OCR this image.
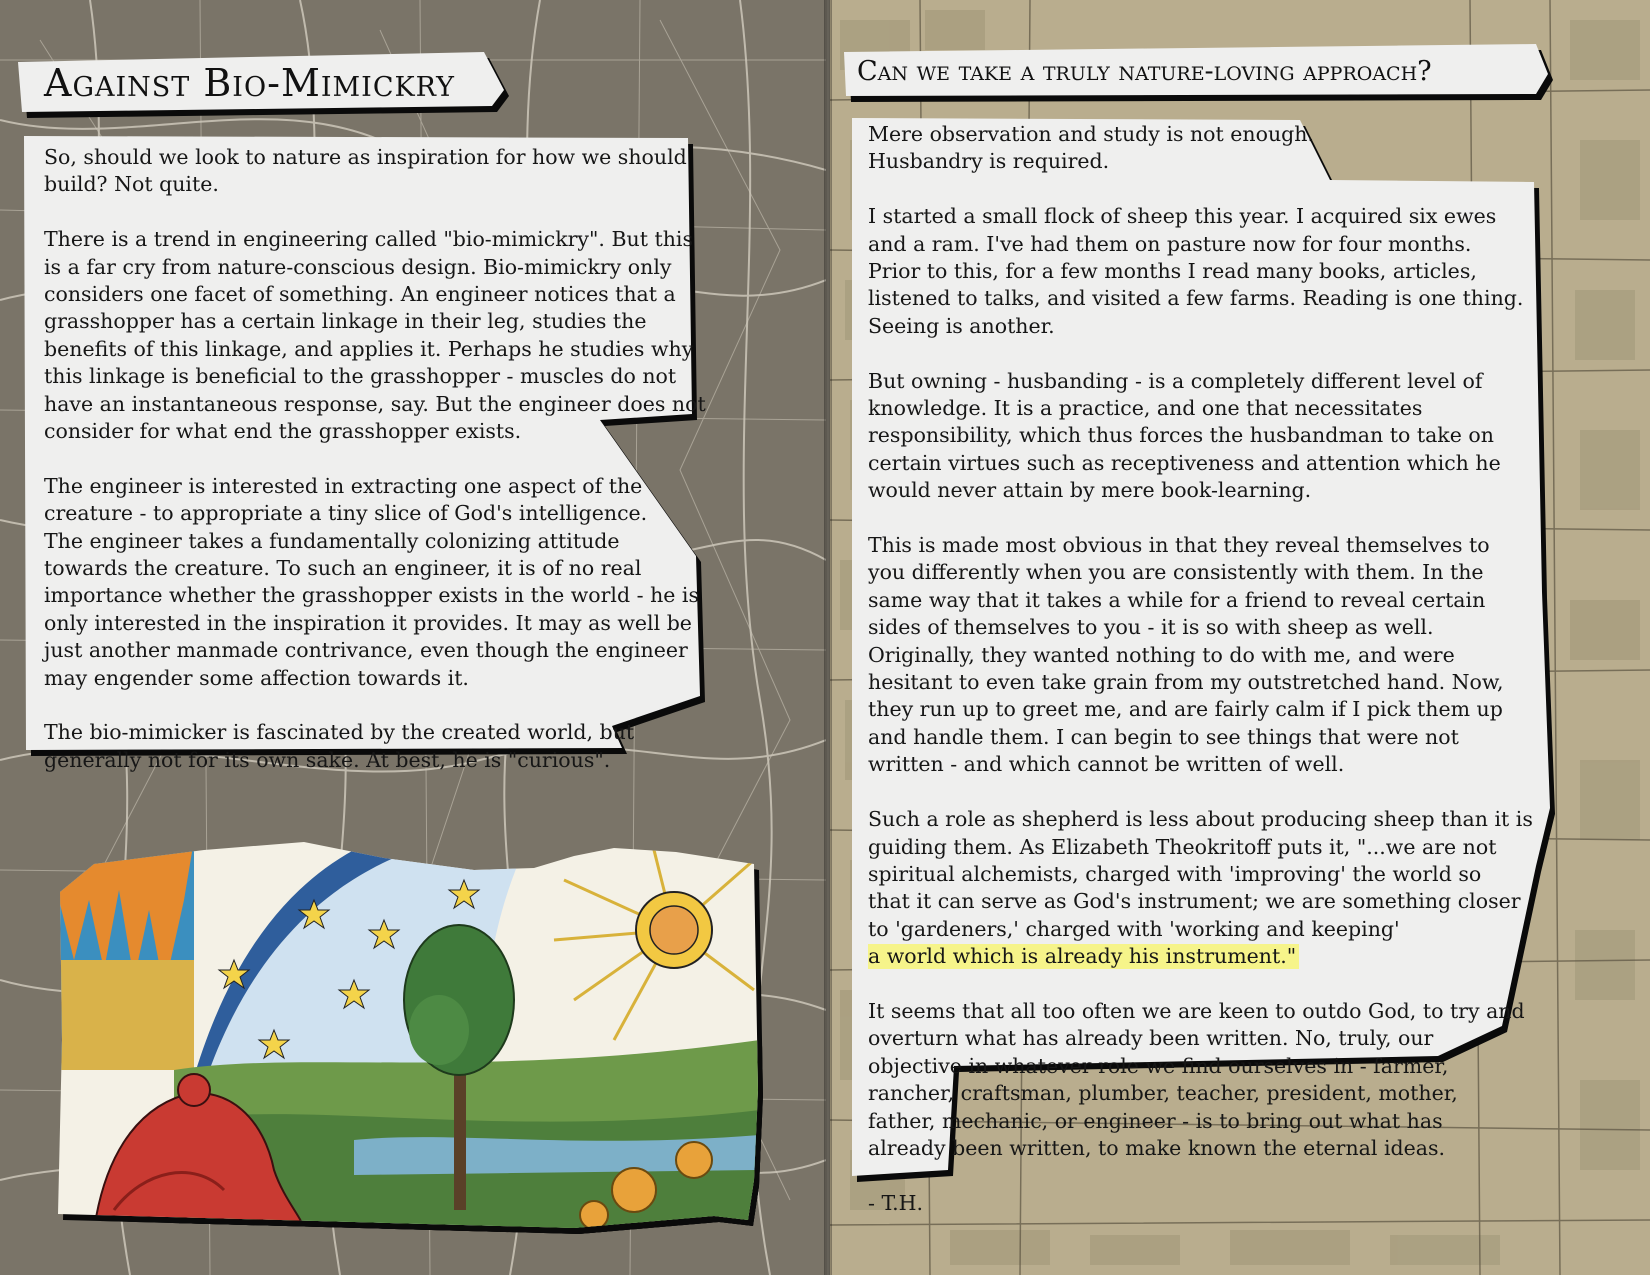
Against Bio-Mimickry

So, should we look to nature as inspiration for how we should
build? Not quite.

There is a trend in engineering called "bio-mimickry". But this
is a far cry from nature-conscious design. Bio-mimickry only
considers one facet of something. An engineer notices that a
grasshopper has a certain linkage in their leg, studies the
benefits of this linkage, and applies it. Perhaps he studies why
this linkage is beneficial to the grasshopper - muscles do not
have an instantaneous response, say. But the engineer does not
consider for what end the grasshopper exists.

The engineer is interested in extracting one aspect of the
creature - to appropriate a tiny slice of God's intelligence.
The engineer takes a fundamentally colonizing attitude
towards the creature. To such an engineer, it is of no real
importance whether the grasshopper exists in the world - he is
only interested in the inspiration it provides. It may as well be
just another manmade contrivance, even though the engineer
may engender some affection towards it.

The bio-mimicker is fascinated by the created world, but
generally not for its own sake. At best, he is "curious".

Can we take a truly nature-loving approach?

Mere observation and study is not enough.
Husbandry is required.

I started a small flock of sheep this year. I acquired six ewes
and a ram. I've had them on pasture now for four months.
Prior to this, for a few months I read many books, articles,
listened to talks, and visited a few farms. Reading is one thing.
Seeing is another.

But owning - husbanding - is a completely different level of
knowledge. It is a practice, and one that necessitates
responsibility, which thus forces the husbandman to take on
certain virtues such as receptiveness and attention which he
would never attain by mere book-learning.

This is made most obvious in that they reveal themselves to
you differently when you are consistently with them. In the
same way that it takes a while for a friend to reveal certain
sides of themselves to you - it is so with sheep as well.
Originally, they wanted nothing to do with me, and were
hesitant to even take grain from my outstretched hand. Now,
they run up to greet me, and are fairly calm if I pick them up
and handle them. I can begin to see things that were not
written - and which cannot be written of well.

Such a role as shepherd is less about producing sheep than it is
guiding them. As Elizabeth Theokritoff puts it, "...we are not
spiritual alchemists, charged with 'improving' the world so
that it can serve as God's instrument; we are something closer
to 'gardeners,' charged with 'working and keeping'
a world which is already his instrument."

It seems that all too often we are keen to outdo God, to try and
overturn what has already been written. No, truly, our
objective in whatever role we find ourselves in - farmer,
rancher, craftsman, plumber, teacher, president, mother,
father, mechanic, or engineer - is to bring out what has
already been written, to make known the eternal ideas.

- T.H.
